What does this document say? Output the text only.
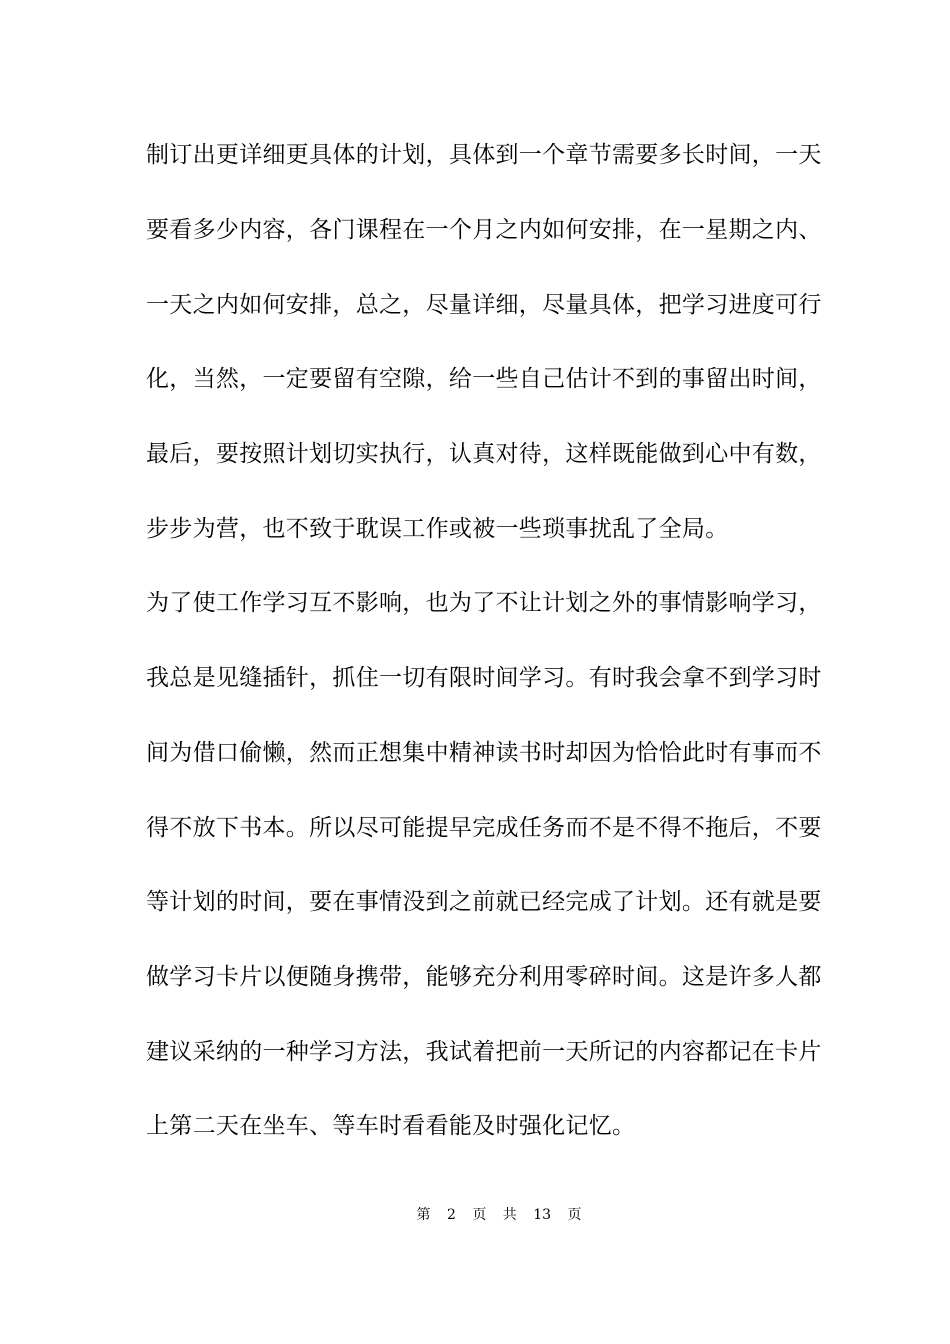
制订出更详细更具体的计划，具体到一个章节需要多长时间，一天
要看多少内容，各门课程在一个月之内如何安排，在一星期之内、
一天之内如何安排，总之，尽量详细，尽量具体，把学习进度可行
化，当然，一定要留有空隙，给一些自己估计不到的事留出时间，
最后，要按照计划切实执行，认真对待，这样既能做到心中有数，
步步为营，也不致于耽误工作或被一些琐事扰乱了全局。
为了使工作学习互不影响，也为了不让计划之外的事情影响学习，
我总是见缝插针，抓住一切有限时间学习。有时我会拿不到学习时
间为借口偷懒，然而正想集中精神读书时却因为恰恰此时有事而不
得不放下书本。所以尽可能提早完成任务而不是不得不拖后，不要
等计划的时间，要在事情没到之前就已经完成了计划。还有就是要
做学习卡片以便随身携带，能够充分利用零碎时间。这是许多人都
建议采纳的一种学习方法，我试着把前一天所记的内容都记在卡片
上第二天在坐车、等车时看看能及时强化记忆。
第 2 页 共 13 页
